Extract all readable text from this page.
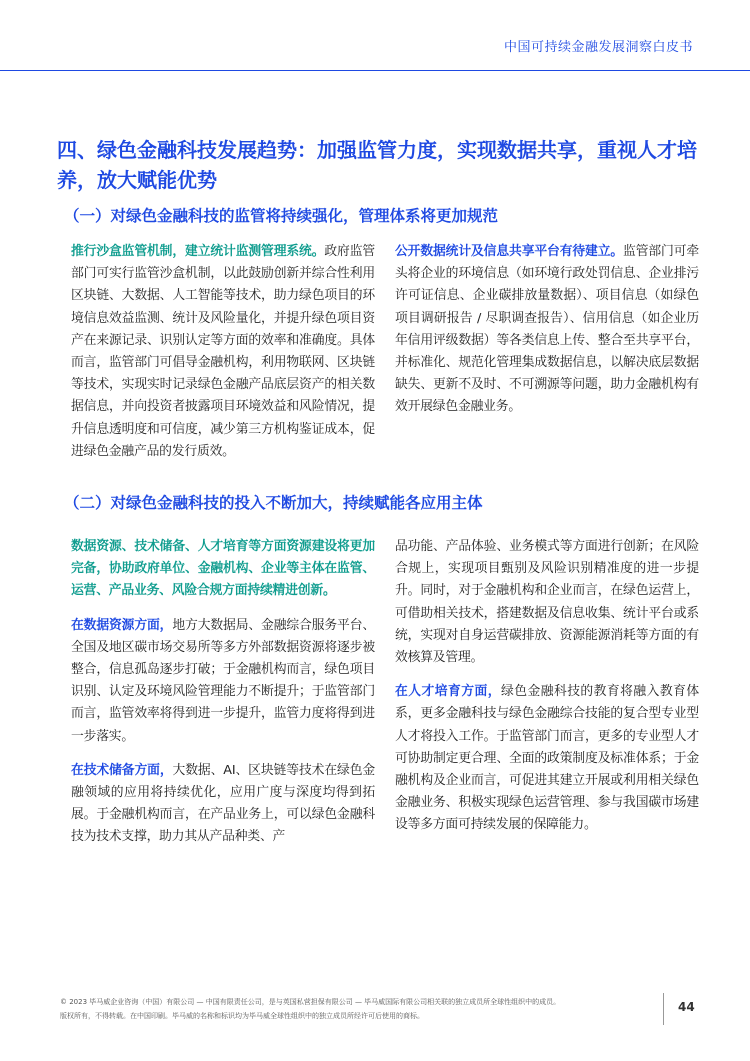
中国可持续金融发展洞察白皮书
四、绿色金融科技发展趋势：加强监管力度，实现数据共享，重视人才培养，放大赋能优势
（一）对绿色金融科技的监管将持续强化，管理体系将更加规范

推行沙盒监管机制，建立统计监测管理系统。政府监管部门可实行监管沙盒机制，以此鼓励创新并综合性利用区块链、大数据、人工智能等技术，助力绿色项目的环境信息效益监测、统计及风险量化，并提升绿色项目资产在来源记录、识别认定等方面的效率和准确度。具体而言，监管部门可倡导金融机构，利用物联网、区块链等技术，实现实时记录绿色金融产品底层资产的相关数据信息，并向投资者披露项目环境效益和风险情况，提升信息透明度和可信度，减少第三方机构鉴证成本，促进绿色金融产品的发行质效。

公开数据统计及信息共享平台有待建立。监管部门可牵头将企业的环境信息（如环境行政处罚信息、企业排污许可证信息、企业碳排放量数据）、项目信息（如绿色项目调研报告 / 尽职调查报告）、信用信息（如企业历年信用评级数据）等各类信息上传、整合至共享平台，并标准化、规范化管理集成数据信息，以解决底层数据缺失、更新不及时、不可溯源等问题，助力金融机构有效开展绿色金融业务。

（二）对绿色金融科技的投入不断加大，持续赋能各应用主体

数据资源、技术储备、人才培育等方面资源建设将更加完备，协助政府单位、金融机构、企业等主体在监管、运营、产品业务、风险合规方面持续精进创新。

在数据资源方面，地方大数据局、金融综合服务平台、全国及地区碳市场交易所等多方外部数据资源将逐步被整合，信息孤岛逐步打破；于金融机构而言，绿色项目识别、认定及环境风险管理能力不断提升；于监管部门而言，监管效率将得到进一步提升，监管力度将得到进一步落实。

在技术储备方面，大数据、AI、区块链等技术在绿色金融领域的应用将持续优化，应用广度与深度均得到拓展。于金融机构而言，在产品业务上，可以绿色金融科技为技术支撑，助力其从产品种类、产

品功能、产品体验、业务模式等方面进行创新；在风险合规上，实现项目甄别及风险识别精准度的进一步提升。同时，对于金融机构和企业而言，在绿色运营上，可借助相关技术，搭建数据及信息收集、统计平台或系统，实现对自身运营碳排放、资源能源消耗等方面的有效核算及管理。

在人才培育方面，绿色金融科技的教育将融入教育体系，更多金融科技与绿色金融综合技能的复合型专业型人才将投入工作。于监管部门而言，更多的专业型人才可协助制定更合理、全面的政策制度及标准体系；于金融机构及企业而言，可促进其建立开展或利用相关绿色金融业务、积极实现绿色运营管理、参与我国碳市场建设等多方面可持续发展的保障能力。

© 2023 毕马威企业咨询（中国）有限公司 — 中国有限责任公司，是与英国私营担保有限公司 — 毕马威国际有限公司相关联的独立成员所全球性组织中的成员。
版权所有，不得转载。在中国印刷。毕马威的名称和标识均为毕马威全球性组织中的独立成员所经许可后使用的商标。
44
